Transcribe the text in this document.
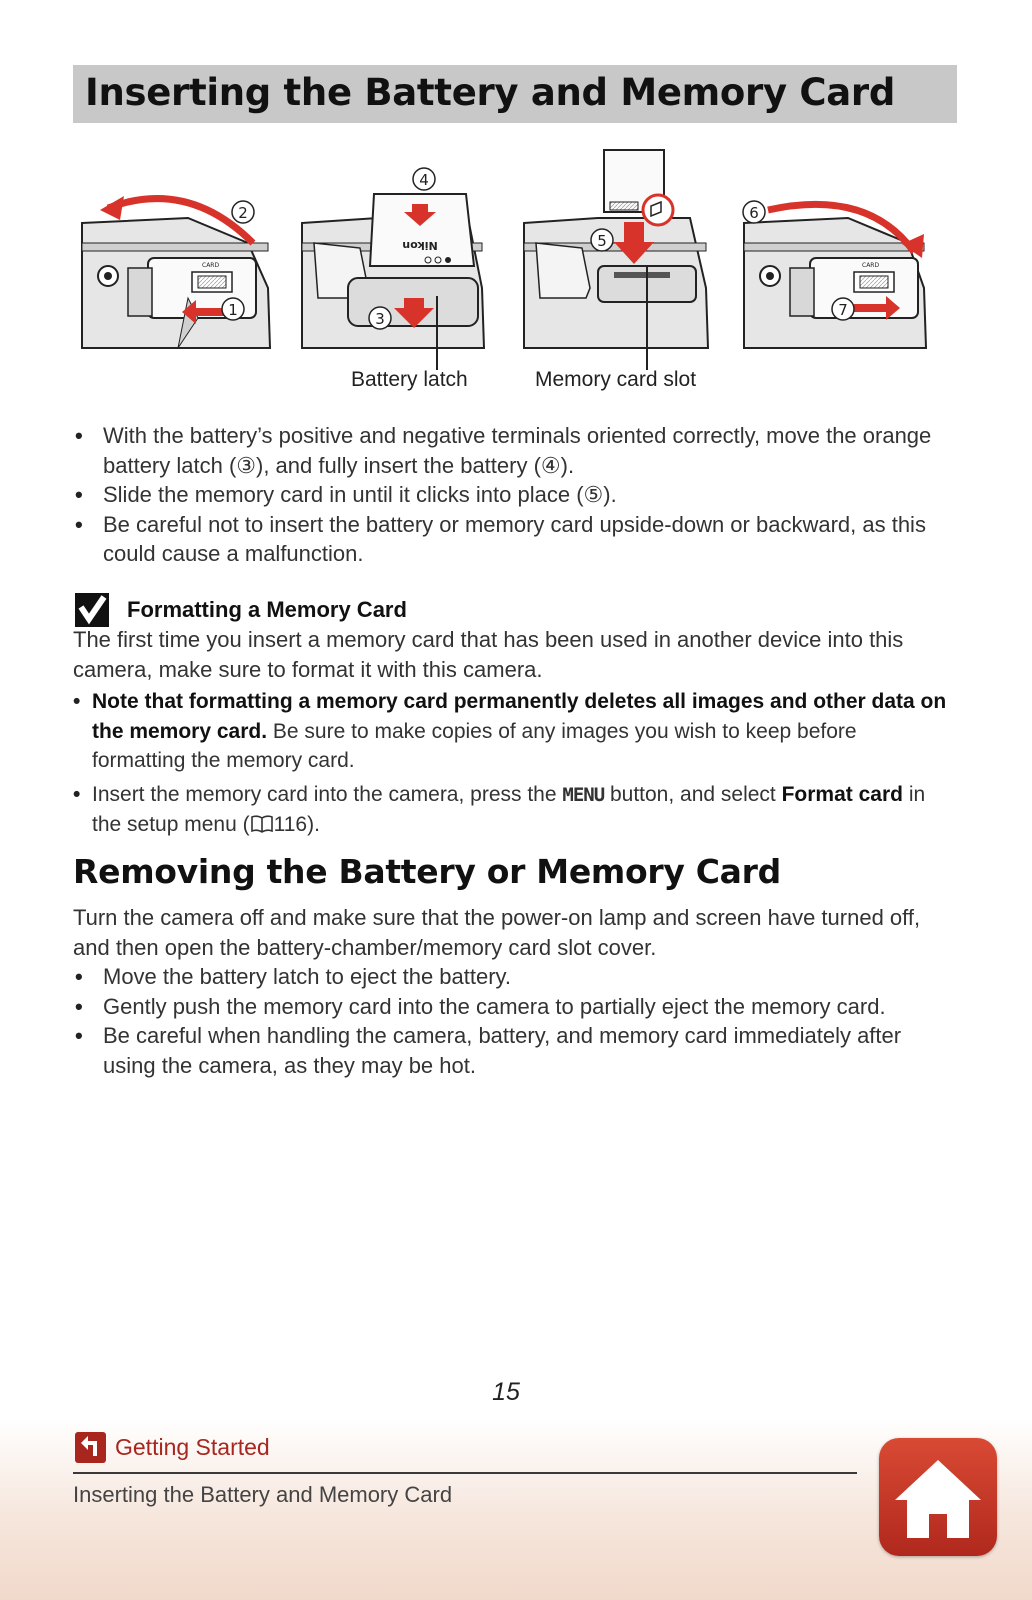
Inserting the Battery and Memory Card
CARD
1
2
Nikon
4
3
5
CARD
7
6
Battery latch	Memory card slot
• With the battery’s positive and negative terminals oriented correctly, move the orange battery latch (③), and fully insert the battery (④).
• Slide the memory card in until it clicks into place (⑤).
• Be careful not to insert the battery or memory card upside-down or backward, as this could cause a malfunction.
Formatting a Memory Card

The first time you insert a memory card that has been used in another device into this camera, make sure to format it with this camera.

• Note that formatting a memory card permanently deletes all images and other data on the memory card. Be sure to make copies of any images you wish to keep before formatting the memory card.
• Insert the memory card into the camera, press the MENU button, and select Format card in the setup menu ( 116).
Removing the Battery or Memory Card

Turn the camera off and make sure that the power-on lamp and screen have turned off, and then open the battery-chamber/memory card slot cover.

• Move the battery latch to eject the battery.
• Gently push the memory card into the camera to partially eject the memory card.
• Be careful when handling the camera, battery, and memory card immediately after using the camera, as they may be hot.
15
Getting Started
Inserting the Battery and Memory Card
